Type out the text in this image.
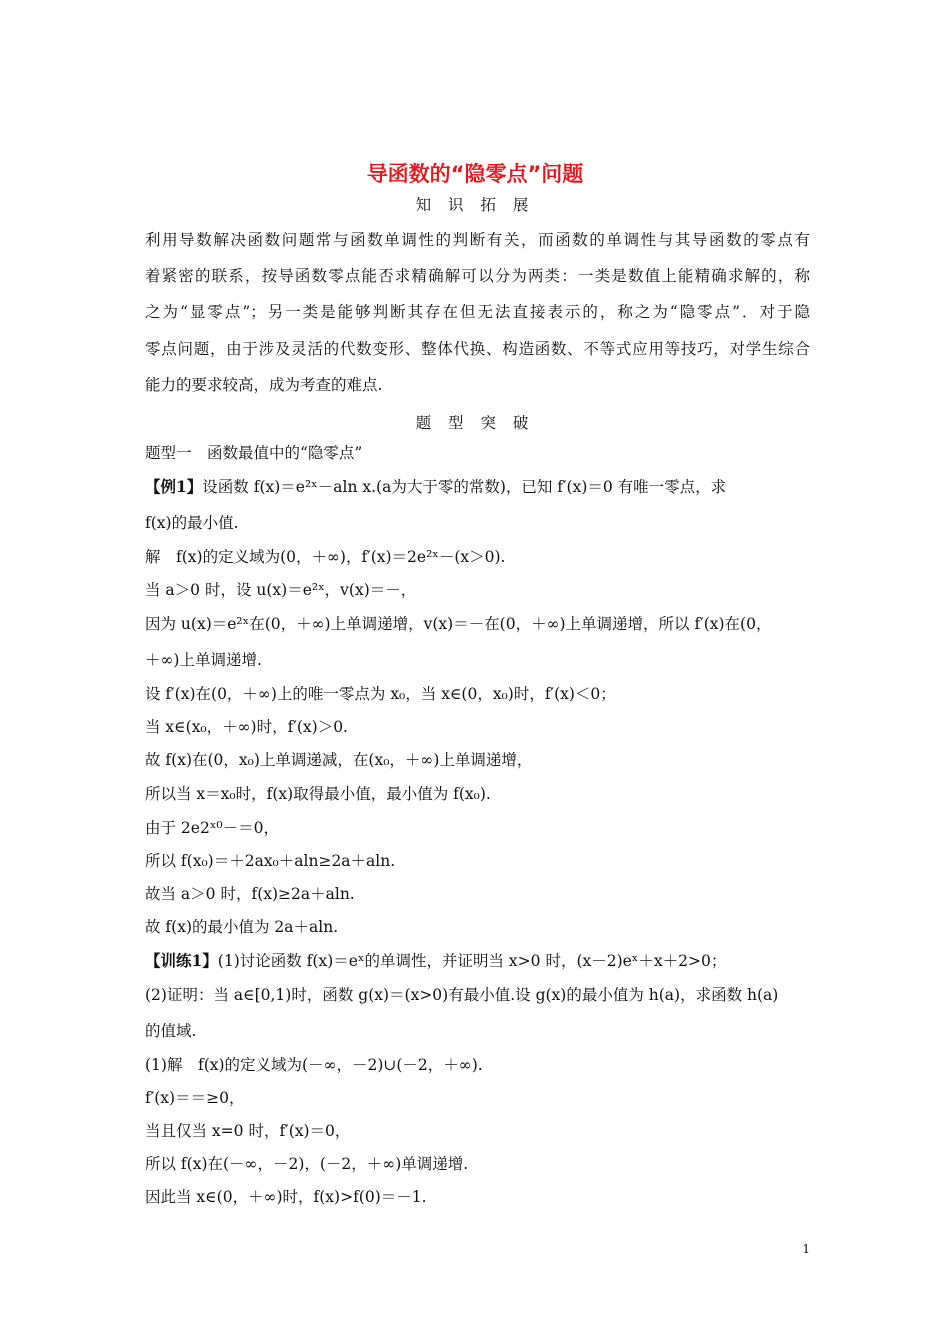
导函数的“隐零点”问题
知 识 拓 展
利用导数解决函数问题常与函数单调性的判断有关，而函数的单调性与其导函数的零点有
着紧密的联系，按导函数零点能否求精确解可以分为两类：一类是数值上能精确求解的，称
之为“显零点”；另一类是能够判断其存在但无法直接表示的，称之为“隐零点”．对于隐
零点问题，由于涉及灵活的代数变形、整体代换、构造函数、不等式应用等技巧，对学生综合
能力的要求较高，成为考查的难点.
题 型 突 破
题型一　函数最值中的“隐零点”
【例1】设函数 f(x)＝e²ˣ－aln x.(a为大于零的常数)，已知 f′(x)＝0 有唯一零点，求
f(x)的最小值.
解　f(x)的定义域为(0，＋∞)，f′(x)＝2e²ˣ－(x＞0).
当 a＞0 时，设 u(x)＝e²ˣ，v(x)＝－，
因为 u(x)＝e²ˣ在(0，＋∞)上单调递增，v(x)＝－在(0，＋∞)上单调递增，所以 f′(x)在(0，
＋∞)上单调递增.
设 f′(x)在(0，＋∞)上的唯一零点为 x₀，当 x∈(0，x₀)时，f′(x)＜0；
当 x∈(x₀，＋∞)时，f′(x)＞0.
故 f(x)在(0，x₀)上单调递减，在(x₀，＋∞)上单调递增，
所以当 x＝x₀时，f(x)取得最小值，最小值为 f(x₀).
由于 2e2ˣ⁰－＝0，
所以 f(x₀)＝＋2ax₀＋aln≥2a＋aln.
故当 a＞0 时，f(x)≥2a＋aln.
故 f(x)的最小值为 2a＋aln.
【训练1】(1)讨论函数 f(x)＝eˣ的单调性，并证明当 x>0 时，(x－2)eˣ＋x＋2>0；
(2)证明：当 a∈[0,1)时，函数 g(x)＝(x>0)有最小值.设 g(x)的最小值为 h(a)，求函数 h(a)
的值域.
(1)解　f(x)的定义域为(－∞，－2)∪(－2，＋∞).
f′(x)＝＝≥0，
当且仅当 x=0 时，f′(x)＝0，
所以 f(x)在(－∞，－2)，(－2，＋∞)单调递增.
因此当 x∈(0，＋∞)时，f(x)>f(0)＝－1.
1
